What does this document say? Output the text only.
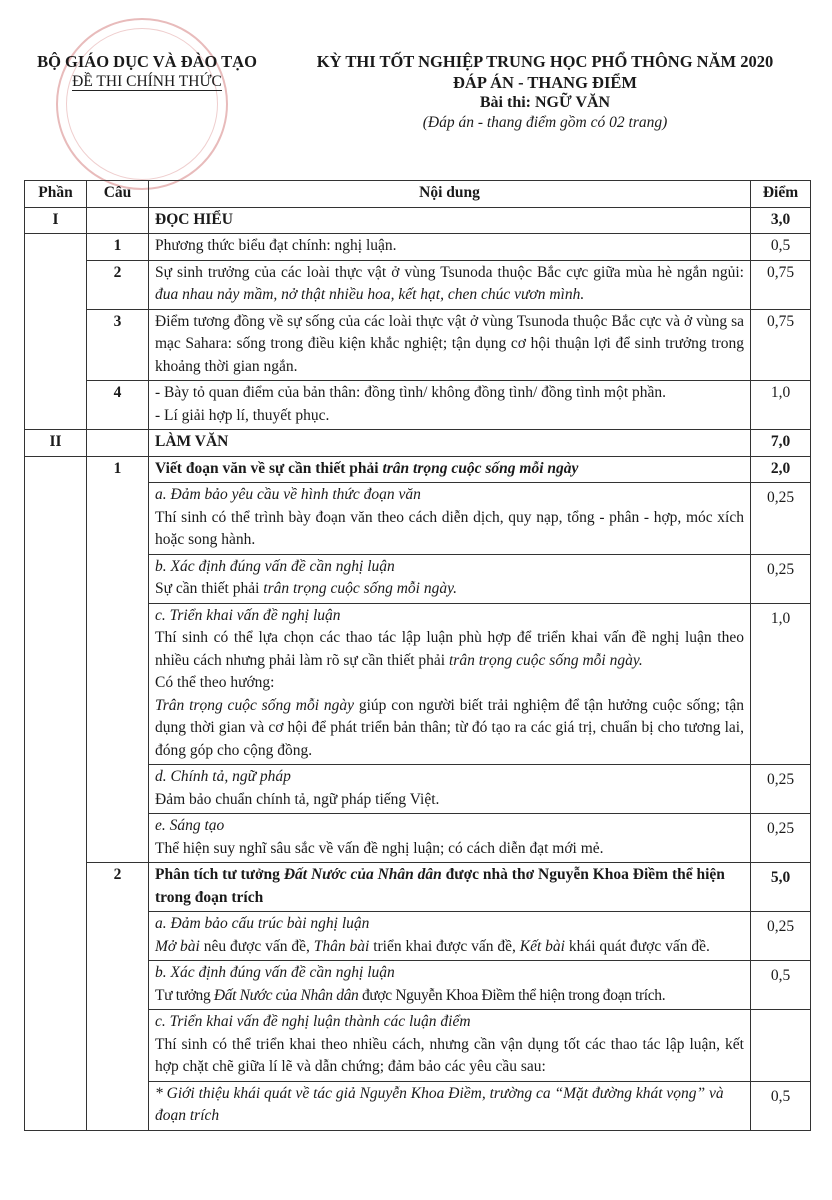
BỘ GIÁO DỤC VÀ ĐÀO TẠO
ĐỀ THI CHÍNH THỨC
KỲ THI TỐT NGHIỆP TRUNG HỌC PHỔ THÔNG NĂM 2020
ĐÁP ÁN - THANG ĐIỂM
Bài thi: NGỮ VĂN
(Đáp án - thang điểm gồm có 02 trang)
Phần	Câu	Nội dung	Điểm
I		ĐỌC HIỂU	3,0
	1	Phương thức biểu đạt chính: nghị luận.	0,5
	2	Sự sinh trưởng của các loài thực vật ở vùng Tsunoda thuộc Bắc cực giữa mùa hè ngắn ngủi: đua nhau nảy mầm, nở thật nhiều hoa, kết hạt, chen chúc vươn mình.	0,75
	3	Điểm tương đồng về sự sống của các loài thực vật ở vùng Tsunoda thuộc Bắc cực và ở vùng sa mạc Sahara: sống trong điều kiện khắc nghiệt; tận dụng cơ hội thuận lợi để sinh trưởng trong khoảng thời gian ngắn.	0,75
	4	- Bày tỏ quan điểm của bản thân: đồng tình/ không đồng tình/ đồng tình một phần.
- Lí giải hợp lí, thuyết phục.	1,0
II		LÀM VĂN	7,0
	1	Viết đoạn văn về sự cần thiết phải trân trọng cuộc sống mỗi ngày	2,0

		a. Đảm bảo yêu cầu về hình thức đoạn văn
Thí sinh có thể trình bày đoạn văn theo cách diễn dịch, quy nạp, tổng - phân - hợp, móc xích hoặc song hành.	0,25

		b. Xác định đúng vấn đề cần nghị luận
Sự cần thiết phải trân trọng cuộc sống mỗi ngày.	0,25

		c. Triển khai vấn đề nghị luận
Thí sinh có thể lựa chọn các thao tác lập luận phù hợp để triển khai vấn đề nghị luận theo nhiều cách nhưng phải làm rõ sự cần thiết phải trân trọng cuộc sống mỗi ngày.
Có thể theo hướng:
Trân trọng cuộc sống mỗi ngày giúp con người biết trải nghiệm để tận hưởng cuộc sống; tận dụng thời gian và cơ hội để phát triển bản thân; từ đó tạo ra các giá trị, chuẩn bị cho tương lai, đóng góp cho cộng đồng.	1,0

		d. Chính tả, ngữ pháp
Đảm bảo chuẩn chính tả, ngữ pháp tiếng Việt.	0,25

		e. Sáng tạo
Thể hiện suy nghĩ sâu sắc về vấn đề nghị luận; có cách diễn đạt mới mẻ.	0,25
	2	Phân tích tư tưởng Đất Nước của Nhân dân được nhà thơ Nguyễn Khoa Điềm thể hiện trong đoạn trích	5,0

		a. Đảm bảo cấu trúc bài nghị luận
Mở bài nêu được vấn đề, Thân bài triển khai được vấn đề, Kết bài khái quát được vấn đề.	0,25

		b. Xác định đúng vấn đề cần nghị luận
Tư tưởng Đất Nước của Nhân dân được Nguyễn Khoa Điềm thể hiện trong đoạn trích.	0,5

		c. Triển khai vấn đề nghị luận thành các luận điểm
Thí sinh có thể triển khai theo nhiều cách, nhưng cần vận dụng tốt các thao tác lập luận, kết hợp chặt chẽ giữa lí lẽ và dẫn chứng; đảm bảo các yêu cầu sau:	

		* Giới thiệu khái quát về tác giả Nguyễn Khoa Điềm, trường ca “Mặt đường khát vọng” và đoạn trích	0,5
